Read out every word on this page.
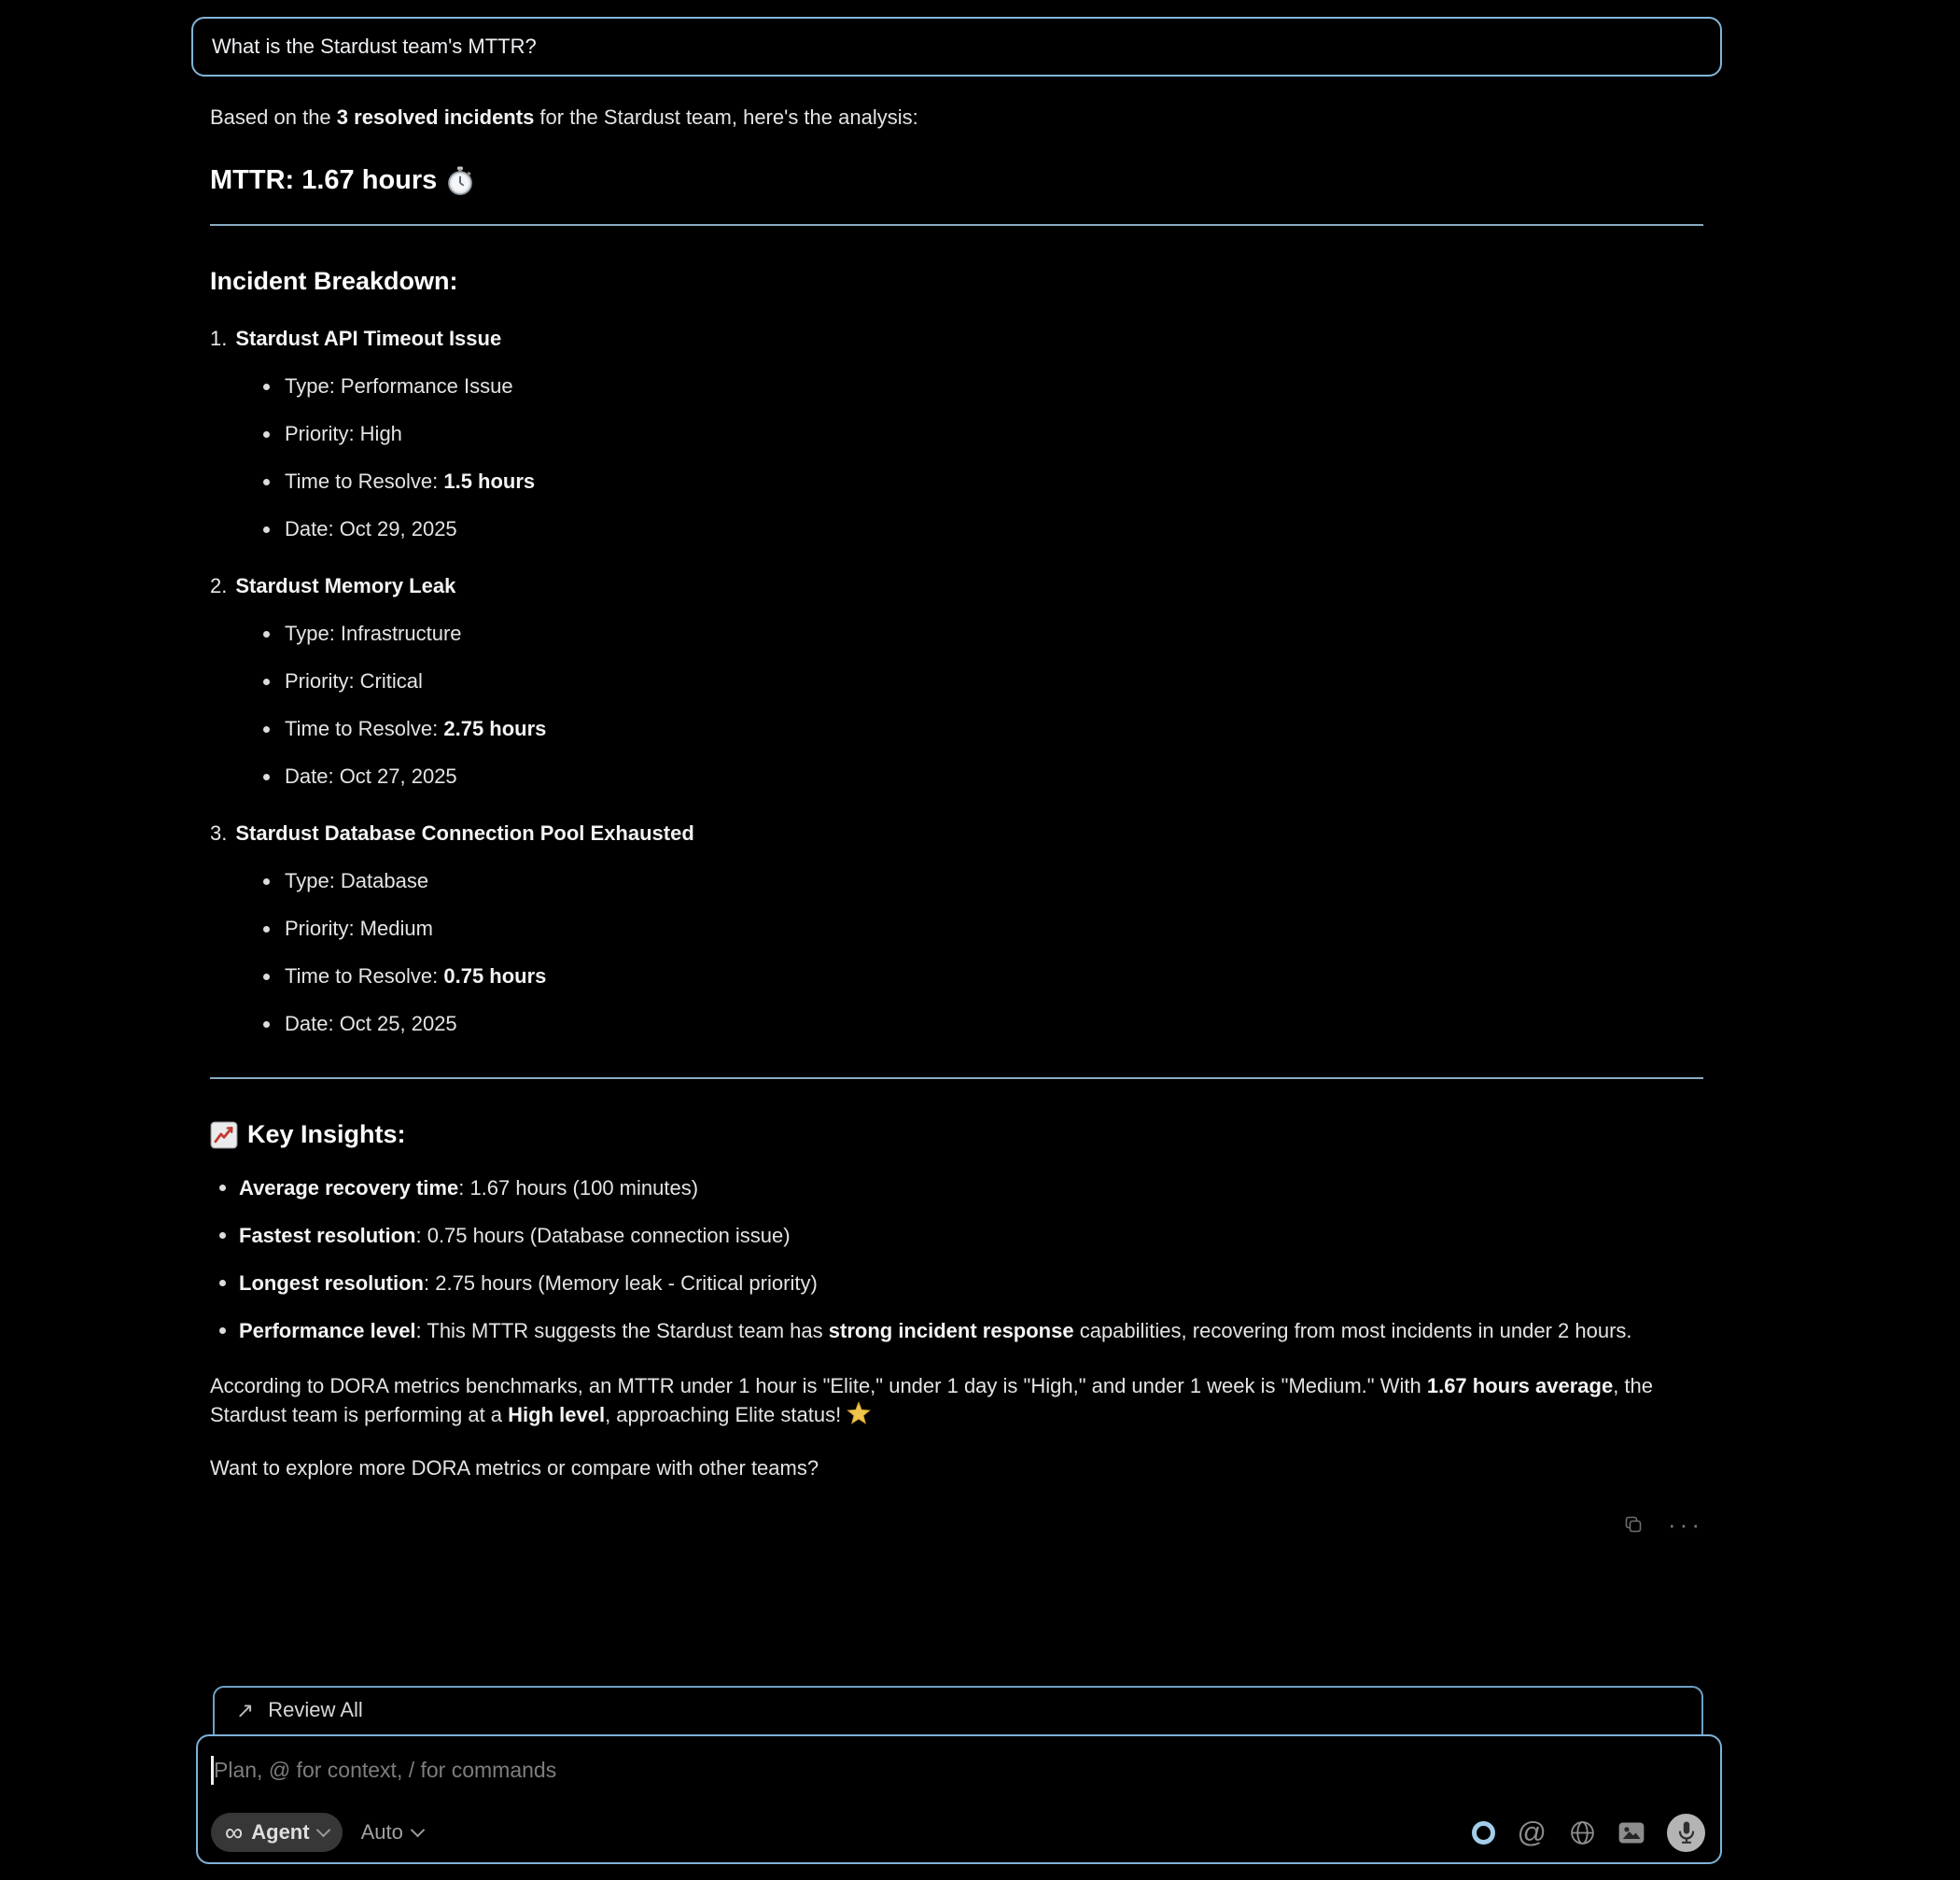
What is the Stardust team's MTTR?

Based on the 3 resolved incidents for the Stardust team, here's the analysis:

MTTR: 1.67 hours
Incident Breakdown:

1. Stardust API Timeout Issue

Type: Performance Issue
Priority: High
Time to Resolve: 1.5 hours
Date: Oct 29, 2025

2. Stardust Memory Leak

Type: Infrastructure
Priority: Critical
Time to Resolve: 2.75 hours
Date: Oct 27, 2025

3. Stardust Database Connection Pool Exhausted

Type: Database
Priority: Medium
Time to Resolve: 0.75 hours
Date: Oct 25, 2025
Key Insights:
Average recovery time: 1.67 hours (100 minutes)
Fastest resolution: 0.75 hours (Database connection issue)
Longest resolution: 2.75 hours (Memory leak - Critical priority)
Performance level: This MTTR suggests the Stardust team has strong incident response capabilities, recovering from most incidents in under 2 hours.

According to DORA metrics benchmarks, an MTTR under 1 hour is "Elite," under 1 day is "High," and under 1 week is "Medium." With 1.67 hours average, the Stardust team is performing at a High level, approaching Elite status!

Want to explore more DORA metrics or compare with other teams?

···
↗ Review All
Plan, @ for context, / for commands
∞ Agent	Auto	@
